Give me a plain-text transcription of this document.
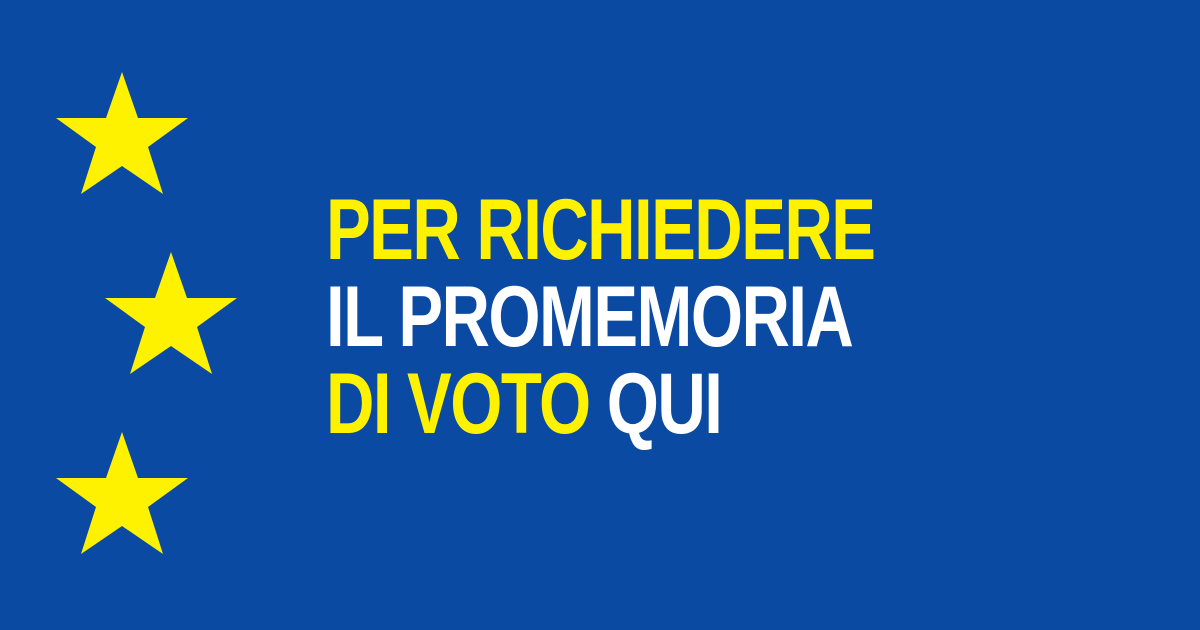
PER RICHIEDERE
IL PROMEMORIA
DI VOTO QUI
